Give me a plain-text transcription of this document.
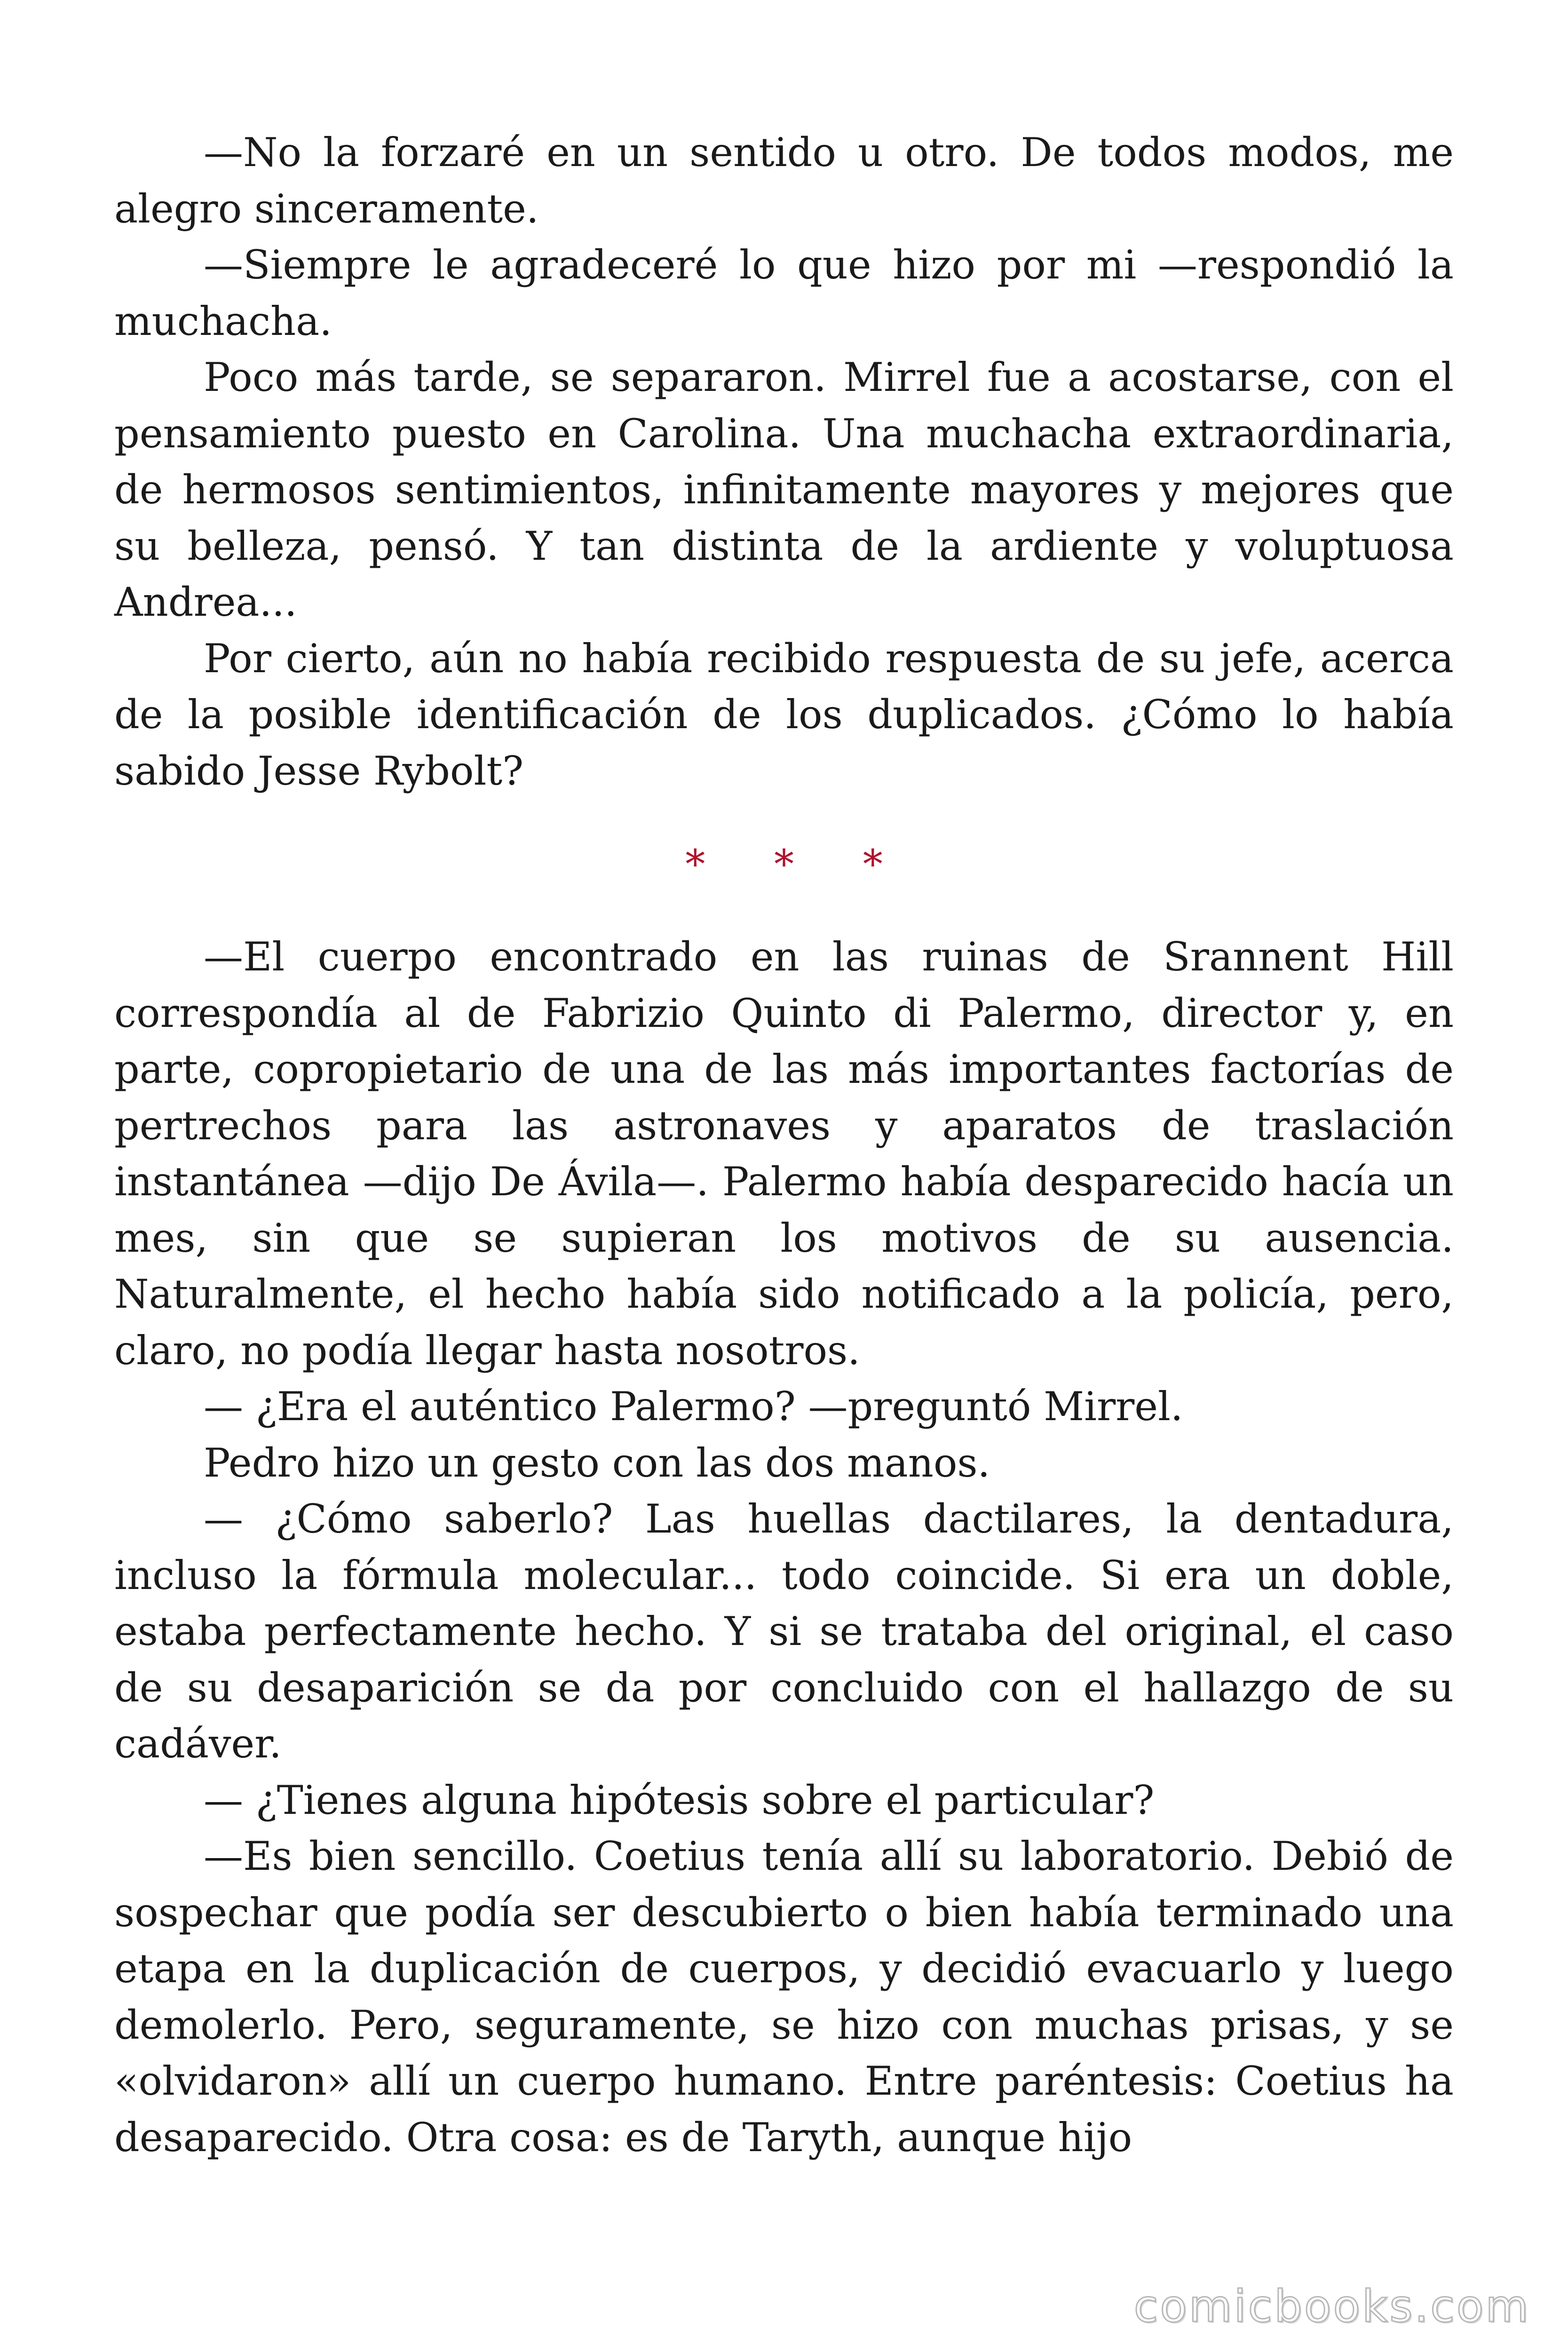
—No la forzaré en un sentido u otro. De todos modos, me alegro sinceramente.

—Siempre le agradeceré lo que hizo por mi —respondió la muchacha.

Poco más tarde, se separaron. Mirrel fue a acostarse, con el pensamiento puesto en Carolina. Una muchacha extraordinaria, de hermosos sentimientos, infinitamente mayores y mejores que su belleza, pensó. Y tan distinta de la ardiente y voluptuosa Andrea...

Por cierto, aún no había recibido respuesta de su jefe, acerca de la posible identificación de los duplicados. ¿Cómo lo había sabido Jesse Rybolt?

* * *

—El cuerpo encontrado en las ruinas de Srannent Hill correspondía al de Fabrizio Quinto di Palermo, director y, en parte, copropietario de una de las más importantes factorías de pertrechos para las astronaves y aparatos de traslación instantánea —dijo De Ávila—. Palermo había desparecido hacía un mes, sin que se supieran los motivos de su ausencia. Naturalmente, el hecho había sido notificado a la policía, pero, claro, no podía llegar hasta nosotros.

— ¿Era el auténtico Palermo? —preguntó Mirrel.

Pedro hizo un gesto con las dos manos.

— ¿Cómo saberlo? Las huellas dactilares, la dentadura, incluso la fórmula molecular... todo coincide. Si era un doble, estaba perfectamente hecho. Y si se trataba del original, el caso de su desaparición se da por concluido con el hallazgo de su cadáver.

— ¿Tienes alguna hipótesis sobre el particular?

—Es bien sencillo. Coetius tenía allí su laboratorio. Debió de sospechar que podía ser descubierto o bien había terminado una etapa en la duplicación de cuerpos, y decidió evacuarlo y luego demolerlo. Pero, seguramente, se hizo con muchas prisas, y se «olvidaron» allí un cuerpo humano. Entre paréntesis: Coetius ha desaparecido. Otra cosa: es de Taryth, aunque hijo

comicbooks.com
